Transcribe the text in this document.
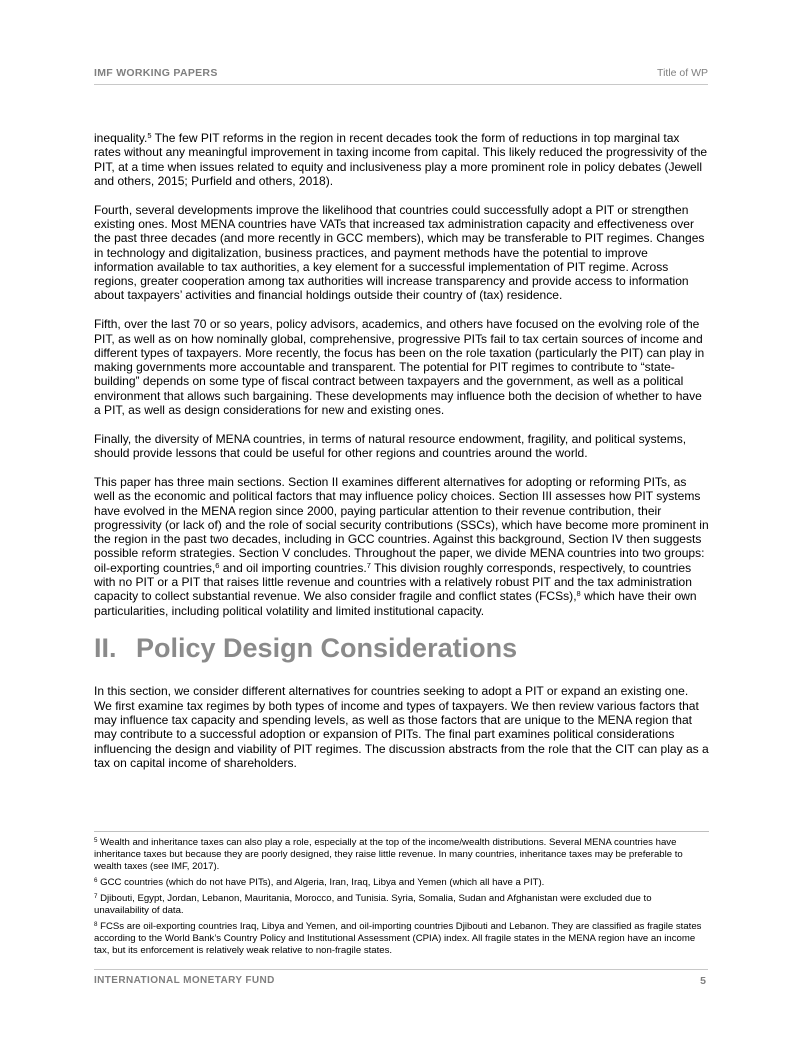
IMF WORKING PAPERS	Title of WP

inequality.$^5$ The few PIT reforms in the region in recent decades took the form of reductions in top marginal tax rates without any meaningful improvement in taxing income from capital. This likely reduced the progressivity of the PIT, at a time when issues related to equity and inclusiveness play a more prominent role in policy debates (Jewell and others, 2015; Purfield and others, 2018).

Fourth, several developments improve the likelihood that countries could successfully adopt a PIT or strengthen existing ones. Most MENA countries have VATs that increased tax administration capacity and effectiveness over the past three decades (and more recently in GCC members), which may be transferable to PIT regimes. Changes in technology and digitalization, business practices, and payment methods have the potential to improve information available to tax authorities, a key element for a successful implementation of PIT regime. Across regions, greater cooperation among tax authorities will increase transparency and provide access to information about taxpayers’ activities and financial holdings outside their country of (tax) residence.

Fifth, over the last 70 or so years, policy advisors, academics, and others have focused on the evolving role of the PIT, as well as on how nominally global, comprehensive, progressive PITs fail to tax certain sources of income and different types of taxpayers. More recently, the focus has been on the role taxation (particularly the PIT) can play in making governments more accountable and transparent. The potential for PIT regimes to contribute to “state-building” depends on some type of fiscal contract between taxpayers and the government, as well as a political environment that allows such bargaining. These developments may influence both the decision of whether to have a PIT, as well as design considerations for new and existing ones.

Finally, the diversity of MENA countries, in terms of natural resource endowment, fragility, and political systems, should provide lessons that could be useful for other regions and countries around the world.

This paper has three main sections. Section II examines different alternatives for adopting or reforming PITs, as well as the economic and political factors that may influence policy choices. Section III assesses how PIT systems have evolved in the MENA region since 2000, paying particular attention to their revenue contribution, their progressivity (or lack of) and the role of social security contributions (SSCs), which have become more prominent in the region in the past two decades, including in GCC countries. Against this background, Section IV then suggests possible reform strategies. Section V concludes. Throughout the paper, we divide MENA countries into two groups: oil-exporting countries,$^6$ and oil importing countries.$^7$ This division roughly corresponds, respectively, to countries with no PIT or a PIT that raises little revenue and countries with a relatively robust PIT and the tax administration capacity to collect substantial revenue. We also consider fragile and conflict states (FCSs),$^8$ which have their own particularities, including political volatility and limited institutional capacity.

II. Policy Design Considerations

In this section, we consider different alternatives for countries seeking to adopt a PIT or expand an existing one. We first examine tax regimes by both types of income and types of taxpayers. We then review various factors that may influence tax capacity and spending levels, as well as those factors that are unique to the MENA region that may contribute to a successful adoption or expansion of PITs. The final part examines political considerations influencing the design and viability of PIT regimes. The discussion abstracts from the role that the CIT can play as a tax on capital income of shareholders.

$^5$ Wealth and inheritance taxes can also play a role, especially at the top of the income/wealth distributions. Several MENA countries have inheritance taxes but because they are poorly designed, they raise little revenue. In many countries, inheritance taxes may be preferable to wealth taxes (see IMF, 2017).

$^6$ GCC countries (which do not have PITs), and Algeria, Iran, Iraq, Libya and Yemen (which all have a PIT).

$^7$ Djibouti, Egypt, Jordan, Lebanon, Mauritania, Morocco, and Tunisia. Syria, Somalia, Sudan and Afghanistan were excluded due to unavailability of data.

$^8$ FCSs are oil-exporting countries Iraq, Libya and Yemen, and oil-importing countries Djibouti and Lebanon. They are classified as fragile states according to the World Bank’s Country Policy and Institutional Assessment (CPIA) index. All fragile states in the MENA region have an income tax, but its enforcement is relatively weak relative to non-fragile states.

INTERNATIONAL MONETARY FUND	5
